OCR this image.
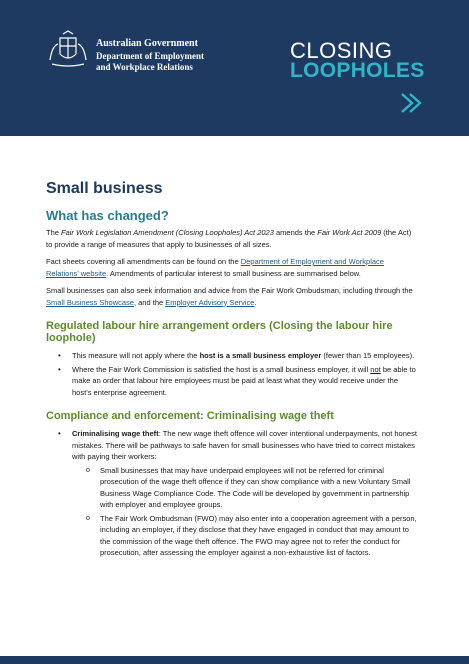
Australian Government
Department of Employment
and Workplace Relations
CLOSING
LOOPHOLES
Small business
What has changed?

The Fair Work Legislation Amendment (Closing Loopholes) Act 2023 amends the Fair Work Act 2009 (the Act) to provide a range of measures that apply to businesses of all sizes.

Fact sheets covering all amendments can be found on the Department of Employment and Workplace Relations’ website. Amendments of particular interest to small business are summarised below.

Small businesses can also seek information and advice from the Fair Work Ombudsman, including through the Small Business Showcase, and the Employer Advisory Service.

Regulated labour hire arrangement orders (Closing the labour hire loophole)
• This measure will not apply where the host is a small business employer (fewer than 15 employees).
• Where the Fair Work Commission is satisfied the host is a small business employer, it will not be able to make an order that labour hire employees must be paid at least what they would receive under the host’s enterprise agreement.
Compliance and enforcement: Criminalising wage theft
• Criminalising wage theft: The new wage theft offence will cover intentional underpayments, not honest mistakes. There will be pathways to safe haven for small businesses who have tried to correct mistakes with paying their workers:
o Small businesses that may have underpaid employees will not be referred for criminal prosecution of the wage theft offence if they can show compliance with a new Voluntary Small Business Wage Compliance Code. The Code will be developed by government in partnership with employer and employee groups.
o The Fair Work Ombudsman (FWO) may also enter into a cooperation agreement with a person, including an employer, if they disclose that they have engaged in conduct that may amount to the commission of the wage theft offence. The FWO may agree not to refer the conduct for prosecution, after assessing the employer against a non-exhaustive list of factors.
